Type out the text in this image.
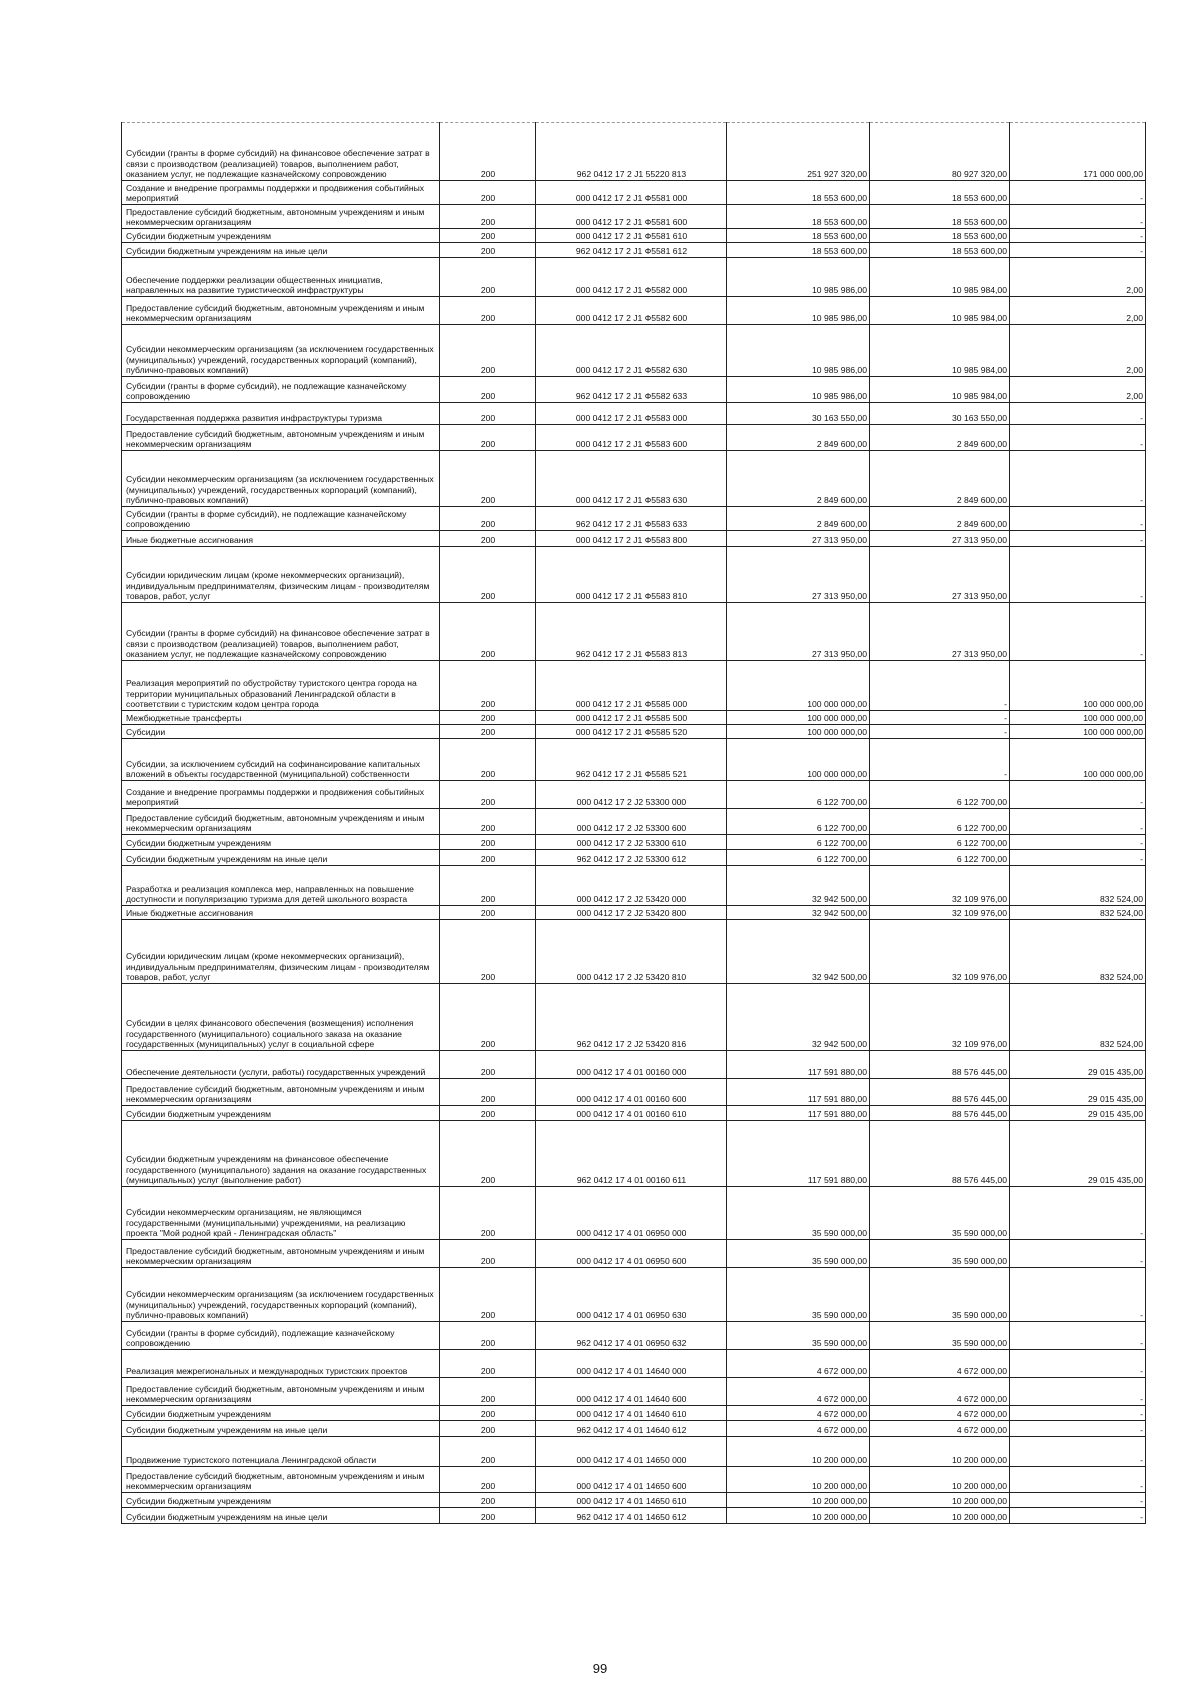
Субсидии (гранты в форме субсидий) на финансовое обеспечение затрат в связи с производством (реализацией) товаров, выполнением работ, оказанием услуг, не подлежащие казначейскому сопровождению	200	962 0412 17 2 J1 55220 813	251 927 320,00	80 927 320,00	171 000 000,00
Создание и внедрение программы поддержки и продвижения событийных мероприятий	200	000 0412 17 2 J1 Ф5581 000	18 553 600,00	18 553 600,00	-
Предоставление субсидий бюджетным, автономным учреждениям и иным некоммерческим организациям	200	000 0412 17 2 J1 Ф5581 600	18 553 600,00	18 553 600,00	-
Субсидии бюджетным учреждениям	200	000 0412 17 2 J1 Ф5581 610	18 553 600,00	18 553 600,00	-
Субсидии бюджетным учреждениям на иные цели	200	962 0412 17 2 J1 Ф5581 612	18 553 600,00	18 553 600,00	-
Обеспечение поддержки реализации общественных инициатив, направленных на развитие туристической инфраструктуры	200	000 0412 17 2 J1 Ф5582 000	10 985 986,00	10 985 984,00	2,00
Предоставление субсидий бюджетным, автономным учреждениям и иным некоммерческим организациям	200	000 0412 17 2 J1 Ф5582 600	10 985 986,00	10 985 984,00	2,00
Субсидии некоммерческим организациям (за исключением государственных (муниципальных) учреждений, государственных корпораций (компаний), публично-правовых компаний)	200	000 0412 17 2 J1 Ф5582 630	10 985 986,00	10 985 984,00	2,00
Субсидии (гранты в форме субсидий), не подлежащие казначейскому сопровождению	200	962 0412 17 2 J1 Ф5582 633	10 985 986,00	10 985 984,00	2,00
Государственная поддержка развития инфраструктуры туризма	200	000 0412 17 2 J1 Ф5583 000	30 163 550,00	30 163 550,00	-
Предоставление субсидий бюджетным, автономным учреждениям и иным некоммерческим организациям	200	000 0412 17 2 J1 Ф5583 600	2 849 600,00	2 849 600,00	-
Субсидии некоммерческим организациям (за исключением государственных (муниципальных) учреждений, государственных корпораций (компаний), публично-правовых компаний)	200	000 0412 17 2 J1 Ф5583 630	2 849 600,00	2 849 600,00	-
Субсидии (гранты в форме субсидий), не подлежащие казначейскому сопровождению	200	962 0412 17 2 J1 Ф5583 633	2 849 600,00	2 849 600,00	-
Иные бюджетные ассигнования	200	000 0412 17 2 J1 Ф5583 800	27 313 950,00	27 313 950,00	-
Субсидии юридическим лицам (кроме некоммерческих организаций), индивидуальным предпринимателям, физическим лицам - производителям товаров, работ, услуг	200	000 0412 17 2 J1 Ф5583 810	27 313 950,00	27 313 950,00	-
Субсидии (гранты в форме субсидий) на финансовое обеспечение затрат в связи с производством (реализацией) товаров, выполнением работ, оказанием услуг, не подлежащие казначейскому сопровождению	200	962 0412 17 2 J1 Ф5583 813	27 313 950,00	27 313 950,00	-
Реализация мероприятий по обустройству туристского центра города на территории муниципальных образований Ленинградской области в соответствии с туристским кодом центра города	200	000 0412 17 2 J1 Ф5585 000	100 000 000,00	-	100 000 000,00
Межбюджетные трансферты	200	000 0412 17 2 J1 Ф5585 500	100 000 000,00	-	100 000 000,00
Субсидии	200	000 0412 17 2 J1 Ф5585 520	100 000 000,00	-	100 000 000,00
Субсидии, за исключением субсидий на софинансирование капитальных вложений в объекты государственной (муниципальной) собственности	200	962 0412 17 2 J1 Ф5585 521	100 000 000,00	-	100 000 000,00
Создание и внедрение программы поддержки и продвижения событийных мероприятий	200	000 0412 17 2 J2 53300 000	6 122 700,00	6 122 700,00	-
Предоставление субсидий бюджетным, автономным учреждениям и иным некоммерческим организациям	200	000 0412 17 2 J2 53300 600	6 122 700,00	6 122 700,00	-
Субсидии бюджетным учреждениям	200	000 0412 17 2 J2 53300 610	6 122 700,00	6 122 700,00	-
Субсидии бюджетным учреждениям на иные цели	200	962 0412 17 2 J2 53300 612	6 122 700,00	6 122 700,00	-
Разработка и реализация комплекса мер, направленных на повышение доступности и популяризацию туризма для детей школьного возраста	200	000 0412 17 2 J2 53420 000	32 942 500,00	32 109 976,00	832 524,00
Иные бюджетные ассигнования	200	000 0412 17 2 J2 53420 800	32 942 500,00	32 109 976,00	832 524,00
Субсидии юридическим лицам (кроме некоммерческих организаций), индивидуальным предпринимателям, физическим лицам - производителям товаров, работ, услуг	200	000 0412 17 2 J2 53420 810	32 942 500,00	32 109 976,00	832 524,00
Субсидии в целях финансового обеспечения (возмещения) исполнения государственного (муниципального) социального заказа на оказание государственных (муниципальных) услуг в социальной сфере	200	962 0412 17 2 J2 53420 816	32 942 500,00	32 109 976,00	832 524,00
Обеспечение деятельности (услуги, работы) государственных учреждений	200	000 0412 17 4 01 00160 000	117 591 880,00	88 576 445,00	29 015 435,00
Предоставление субсидий бюджетным, автономным учреждениям и иным некоммерческим организациям	200	000 0412 17 4 01 00160 600	117 591 880,00	88 576 445,00	29 015 435,00
Субсидии бюджетным учреждениям	200	000 0412 17 4 01 00160 610	117 591 880,00	88 576 445,00	29 015 435,00
Субсидии бюджетным учреждениям на финансовое обеспечение государственного (муниципального) задания на оказание государственных (муниципальных) услуг (выполнение работ)	200	962 0412 17 4 01 00160 611	117 591 880,00	88 576 445,00	29 015 435,00
Субсидии некоммерческим организациям, не являющимся государственными (муниципальными) учреждениями, на реализацию проекта "Мой родной край - Ленинградская область"	200	000 0412 17 4 01 06950 000	35 590 000,00	35 590 000,00	-
Предоставление субсидий бюджетным, автономным учреждениям и иным некоммерческим организациям	200	000 0412 17 4 01 06950 600	35 590 000,00	35 590 000,00	-
Субсидии некоммерческим организациям (за исключением государственных (муниципальных) учреждений, государственных корпораций (компаний), публично-правовых компаний)	200	000 0412 17 4 01 06950 630	35 590 000,00	35 590 000,00	-
Субсидии (гранты в форме субсидий), подлежащие казначейскому сопровождению	200	962 0412 17 4 01 06950 632	35 590 000,00	35 590 000,00	-
Реализация межрегиональных и международных туристских проектов	200	000 0412 17 4 01 14640 000	4 672 000,00	4 672 000,00	-
Предоставление субсидий бюджетным, автономным учреждениям и иным некоммерческим организациям	200	000 0412 17 4 01 14640 600	4 672 000,00	4 672 000,00	-
Субсидии бюджетным учреждениям	200	000 0412 17 4 01 14640 610	4 672 000,00	4 672 000,00	-
Субсидии бюджетным учреждениям на иные цели	200	962 0412 17 4 01 14640 612	4 672 000,00	4 672 000,00	-
Продвижение туристского потенциала Ленинградской области	200	000 0412 17 4 01 14650 000	10 200 000,00	10 200 000,00	-
Предоставление субсидий бюджетным, автономным учреждениям и иным некоммерческим организациям	200	000 0412 17 4 01 14650 600	10 200 000,00	10 200 000,00	-
Субсидии бюджетным учреждениям	200	000 0412 17 4 01 14650 610	10 200 000,00	10 200 000,00	-
Субсидии бюджетным учреждениям на иные цели	200	962 0412 17 4 01 14650 612	10 200 000,00	10 200 000,00	-
99
